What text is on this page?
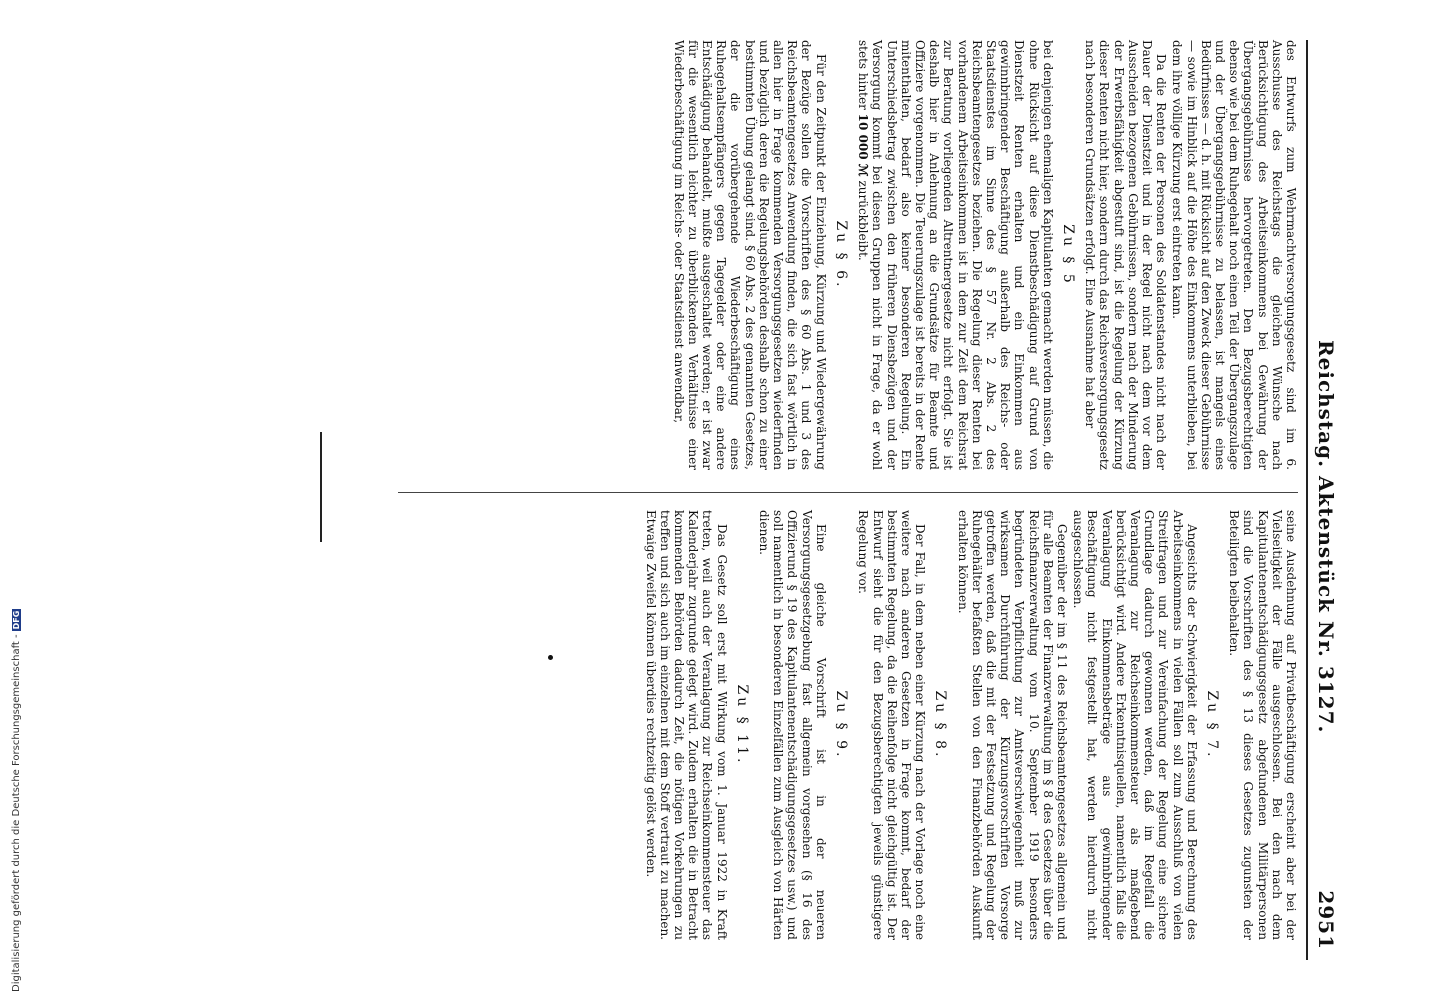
Digitalisierung gefördert durch die Deutsche Forschungsgemeinschaft -DFG	Reichstag. Aktenstück Nr. 3127.
2951

des Entwurfs zum Wehrmachtversorgungsgesetz sind im 6. Ausschusse des Reichstags die gleichen Wünsche nach Berücksichtigung des Arbeitseinkommens bei Gewährung der Übergangsgebührnisse hervorgetreten. Den Bezugsberechtigten ebenso wie bei dem Ruhegehalt noch einen Teil der Übergangszulage und der Übergangsgebührnisse zu belassen, ist mangels eines Bedürfnisses — d. h. mit Rücksicht auf den Zweck dieser Gebührnisse — sowie im Hinblick auf die Höhe des Einkommens unterblieben, bei dem ihre völlige Kürzung erst eintreten kann.

Da die Renten der Personen des Soldatenstandes nicht nach der Dauer der Dienstzeit und in der Regel nicht nach dem vor dem Ausscheiden bezogenen Gebührnissen, sondern nach der Minderung der Erwerbsfähigkeit abgestuft sind, ist die Regelung der Kürzung dieser Renten nicht hier, sondern durch das Reichsversorgungsgesetz nach besonderen Grundsätzen erfolgt. Eine Ausnahme hat aber

Zu § 5

bei denjenigen ehemaligen Kapitulanten gemacht werden müssen, die ohne Rücksicht auf diese Dienstbeschädigung auf Grund von Dienstzeit Renten erhalten und ein Einkommen aus gewinnbringender Beschäftigung außerhalb des Reichs- oder Staatsdienstes im Sinne des § 57 Nr. 2 Abs. 2 des Reichsbeamtengesetzes beziehen. Die Regelung dieser Renten bei vorhandenem Arbeitseinkommen ist in dem zur Zeit dem Reichsrat zur Beratung vorliegenden Altrentnergesetze nicht erfolgt. Sie ist deshalb hier in Anlehnung an die Grundsätze für Beamte und Offiziere vorgenommen. Die Teuerungszulage ist bereits in der Rente mitenthalten, bedarf also keiner besonderen Regelung. Ein Unterschiedsbetrag zwischen den früheren Diensbezügen und der Versorgung kommt bei diesen Gruppen nicht in Frage, da er wohl stets hinter 10 000 ℳ zurückbleibt.

Zu § 6.

Für den Zeitpunkt der Einziehung, Kürzung und Wiedergewährung der Bezüge sollen die Vorschriften des § 60 Abs. 1 und 3 des Reichsbeamtengesetzes Anwendung finden, die sich fast wörtlich in allen hier in Frage kommenden Versorgungsgesetzen wiederfinden und bezüglich deren die Regelungsbehörden deshalb schon zu einer bestimmten Übung gelangt sind. § 60 Abs. 2 des genannten Gesetzes, der die vorübergehende Wiederbeschäftigung eines Ruhegehaltsempfängers gegen Tagegelder oder eine andere Entschädigung behandelt, mußte ausgeschaltet werden; er ist zwar für die wesentlich leichter zu überblickenden Verhältnisse einer Wiederbeschäftigung im Reichs- oder Staatsdienst anwendbar,

seine Ausdehnung auf Privatbeschäftigung erscheint aber bei der Vielseitigkeit der Fälle ausgeschlossen. Bei den nach dem Kapitulantenentschädigungsgesetz abgefundenen Militärpersonen sind die Vorschriften des § 13 dieses Gesetzes zugunsten der Beteiligten beibehalten.

Zu § 7.

Angesichts der Schwierigkeit der Erfassung und Berechnung des Arbeitseinkommens in vielen Fällen soll zum Ausschluß von vielen Streitfragen und zur Vereinfachung der Regelung eine sichere Grundlage dadurch gewonnen werden, daß im Regelfall die Veranlagung zur Reichseinkommensteuer als maßgebend berücksichtigt wird. Andere Erkenntnisquellen, namentlich falls die Veranlagung Einkommensbeträge aus gewinnbringender Beschäftigung nicht festgestellt hat, werden hierdurch nicht ausgeschlossen.

Gegenüber der im § 11 des Reichsbeamtengesetzes allgemein und für alle Beamten der Finanzverwaltung im § 8 des Gesetzes über die Reichsfinanzverwaltung vom 10. September 1919 besonders begründeten Verpflichtung zur Amtsverschwiegenheit muß zur wirksamen Durchführung der Kürzungsvorschriften Vorsorge getroffen werden, daß die mit der Festsetzung und Regelung der Ruhegehälter befaßten Stellen von den Finanzbehörden Auskunft erhalten können.

Zu § 8.

Der Fall, in dem neben einer Kürzung nach der Vorlage noch eine weitere nach anderen Gesetzen in Frage kommt, bedarf der bestimmten Regelung, da die Reihenfolge nicht gleichgültig ist. Der Entwurf sieht die für den Bezugsberechtigten jeweils günstigere Regelung vor.

Zu § 9.

Eine gleiche Vorschrift ist in der neueren Versorgungsgesetzgebung fast allgemein vorgesehen (§ 16 des Offizierund § 19 des Kapitulantenentschädigungsgesetzes usw.) und soll namentlich in besonderen Einzelfällen zum Ausgleich von Härten dienen.

Zu § 11.

Das Gesetz soll erst mit Wirkung vom 1. Januar 1922 in Kraft treten, weil auch der Veranlagung zur Reichseinkommensteuer das Kalenderjahr zugrunde gelegt wird. Zudem erhalten die in Betracht kommenden Behörden dadurch Zeit, die nötigen Vorkehrungen zu treffen und sich auch im einzelnen mit dem Stoff vertraut zu machen. Etwaige Zweifel können überdies rechtzeitig gelöst werden.
